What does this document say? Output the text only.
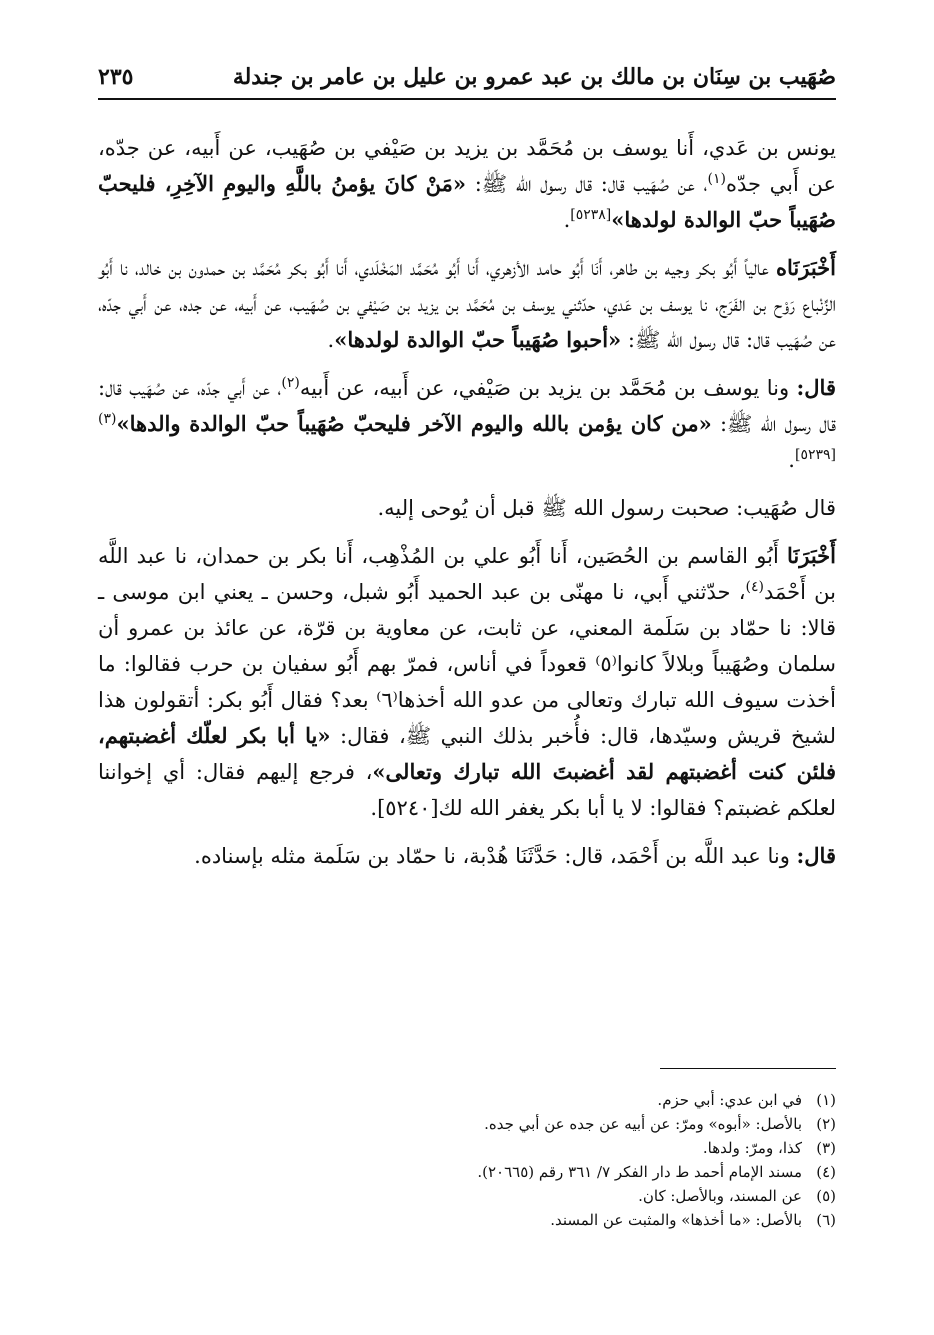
صُهَيب بن سِنَان بن مالك بن عبد عمرو بن عليل بن عامر بن جندلة
٢٣٥

يونس بن عَدي، أَنا يوسف بن مُحَمَّد بن يزيد بن صَيْفي بن صُهَيب، عن أَبيه، عن جدّه، عن أَبي جدّه$^{(١)}$، عن صُهَيب قال: قال رسول الله ﷺ: «مَنْ كانَ يؤمنُ باللَّهِ واليومِ الآخِرِ، فليحبّ صُهَيباً حبّ الوالدة لولدها»[٥٢٣٨].

أَخْبَرَنَاه عالياً أَبُو بكر وجيه بن طاهر، أَنَا أَبُو حامد الأزهري، أَنا أَبُو مُحَمَّد المَخْلَدي، أَنا أَبُو بكر مُحَمَّد بن حمدون بن خالد، نا أَبُو الزِّنْباع رَوْح بن الفَرَج، نا يوسف بن عَدي، حدّثني يوسف بن مُحَمَّد بن يزيد بن صَيْفي بن صُهَيب، عن أَبيه، عن جده، عن أَبي جدّه، عن صُهَيب قال: قال رسول الله ﷺ: «أحبوا صُهَيباً حبّ الوالدة لولدها».

قال: ونا يوسف بن مُحَمَّد بن يزيد بن صَيْفي، عن أَبيه، عن أَبيه$^{(٢)}$، عن أَبي جدّه، عن صُهَيب قال: قال رسول الله ﷺ: «من كان يؤمن بالله واليوم الآخر فليحبّ صُهَيباً حبّ الوالدة والدها»$^{(٣)[٥٢٣٩]}$.

قال صُهَيب: صحبت رسول الله ﷺ قبل أن يُوحى إليه.

أَخْبَرَنَا أَبُو القاسم بن الحُصَين، أَنا أَبُو علي بن المُذْهِب، أَنا بكر بن حمدان، نا عبد اللَّه بن أَحْمَد$^{(٤)}$، حدّثني أَبي، نا مهنّى بن عبد الحميد أَبُو شبل، وحسن ـ يعني ابن موسى ـ قالا: نا حمّاد بن سَلَمة المعني، عن ثابت، عن معاوية بن قرّة، عن عائذ بن عمرو أن سلمان وصُهَيباً وبلالاً كانوا⁽٥⁾ قعوداً في أناس، فمرّ بهم أَبُو سفيان بن حرب فقالوا: ما أخذت سيوف الله تبارك وتعالى من عدو الله أخذها⁽٦⁾ بعد؟ فقال أَبُو بكر: أتقولون هذا لشيخ قريش وسيّدها، قال: فأُخبر بذلك النبي ﷺ، فقال: «يا أبا بكر لعلّك أغضبتهم، فلئن كنت أغضبتهم لقد أغضبتَ الله تبارك وتعالى»، فرجع إليهم فقال: أي إخواننا لعلكم غضبتم؟ فقالوا: لا يا أبا بكر يغفر الله لك[٥٢٤٠].

قال: ونا عبد اللَّه بن أَحْمَد، قال: حَدَّثَنَا هُدْبة، نا حمّاد بن سَلَمة مثله بإسناده.

(١)في ابن عدي: أبي حزم.

(٢)بالأصل: «أبوه» ومرّ: عن أبيه عن جده عن أبي جده.

(٣)كذا، ومرّ: ولدها.

(٤)مسند الإمام أحمد ط دار الفكر ٧/ ٣٦١ رقم (٢٠٦٦٥).

(٥)عن المسند، وبالأصل: كان.

(٦)بالأصل: «ما أخذها» والمثبت عن المسند.
